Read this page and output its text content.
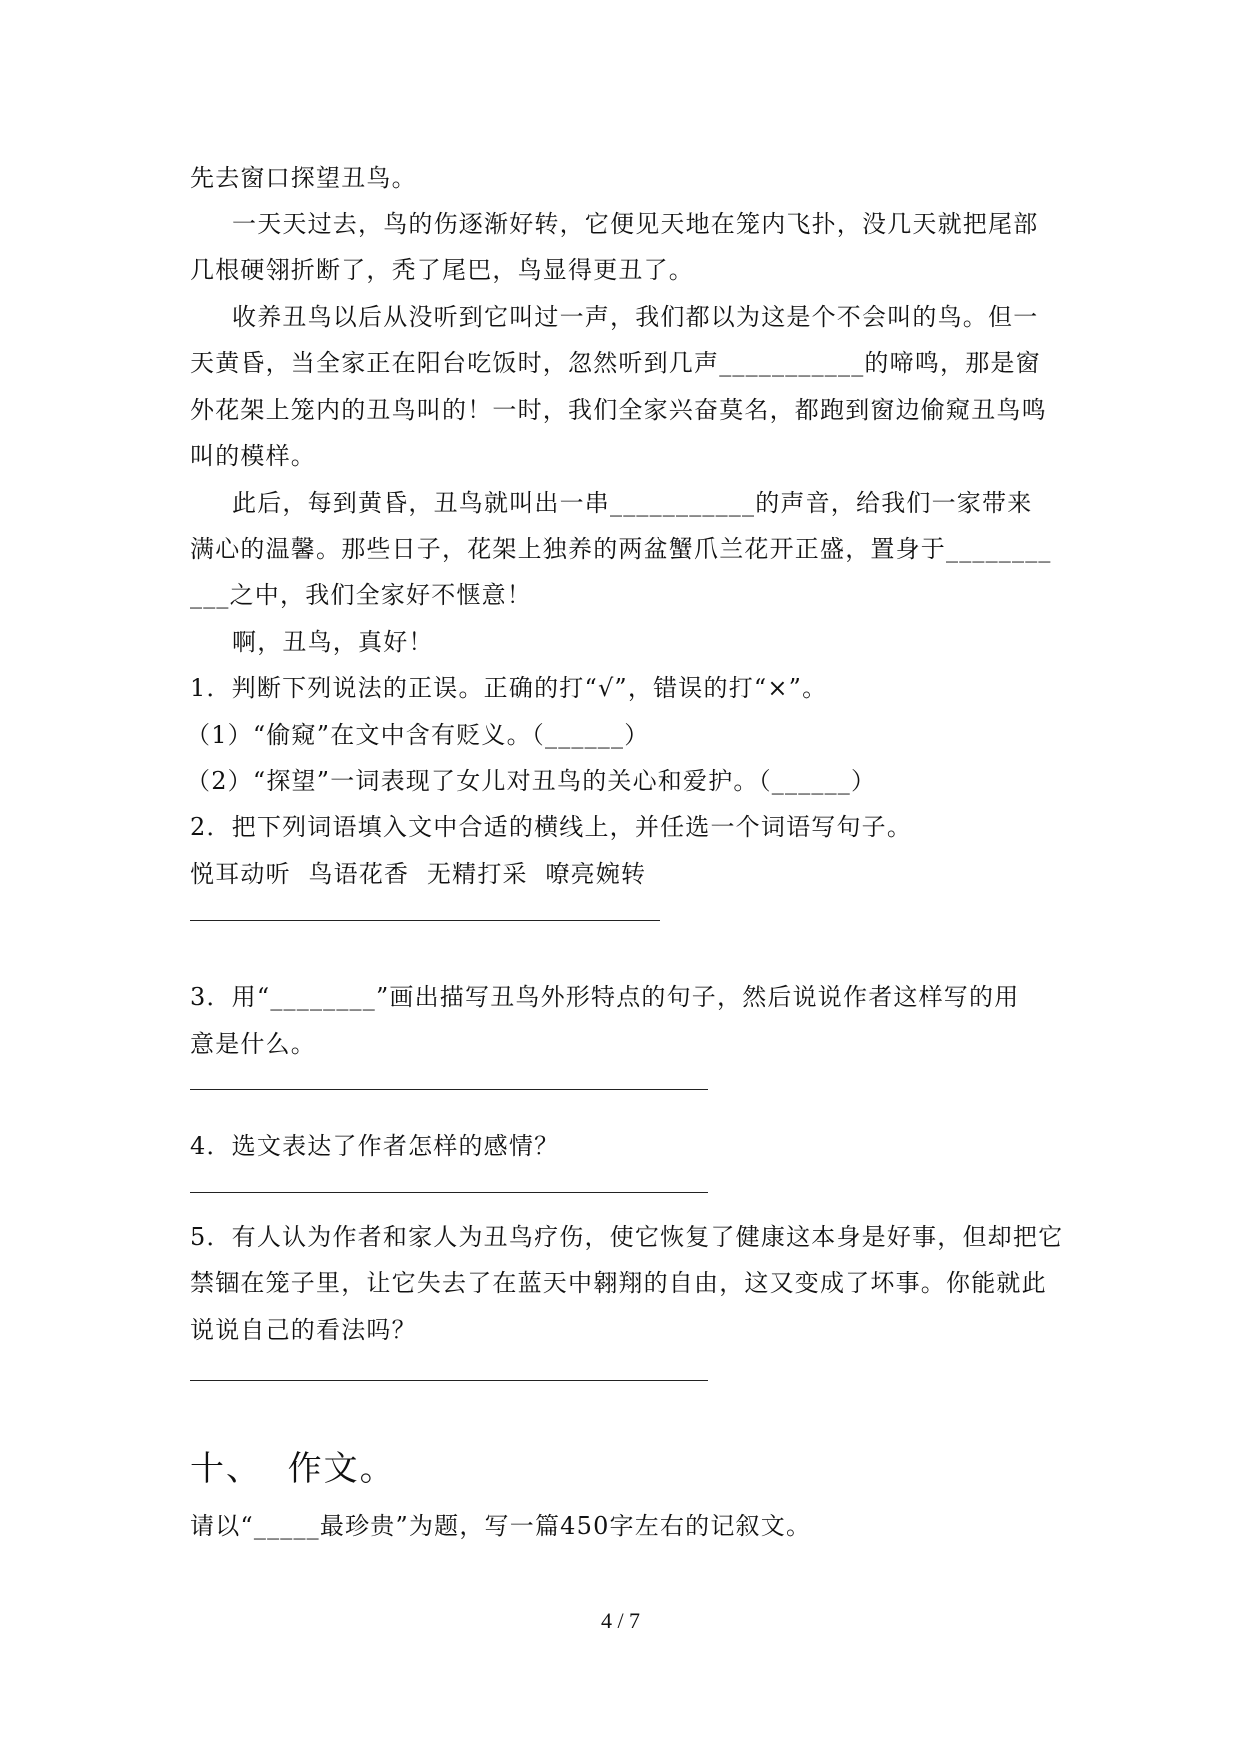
先去窗口探望丑鸟。
一天天过去，鸟的伤逐渐好转，它便见天地在笼内飞扑，没几天就把尾部
几根硬翎折断了，秃了尾巴，鸟显得更丑了。
收养丑鸟以后从没听到它叫过一声，我们都以为这是个不会叫的鸟。但一
天黄昏，当全家正在阳台吃饭时，忽然听到几声___________的啼鸣，那是窗
外花架上笼内的丑鸟叫的！一时，我们全家兴奋莫名，都跑到窗边偷窥丑鸟鸣
叫的模样。
此后，每到黄昏，丑鸟就叫出一串___________的声音，给我们一家带来
满心的温馨。那些日子，花架上独养的两盆蟹爪兰花开正盛，置身于________
___之中，我们全家好不惬意！
啊，丑鸟，真好！
1．判断下列说法的正误。正确的打“√”，错误的打“×”。
（1）“偷窥”在文中含有贬义。（______）
（2）“探望”一词表现了女儿对丑鸟的关心和爱护。（______）
2．把下列词语填入文中合适的横线上，并任选一个词语写句子。
悦耳动听  鸟语花香  无精打采  嘹亮婉转
3．用“________”画出描写丑鸟外形特点的句子，然后说说作者这样写的用
意是什么。
4．选文表达了作者怎样的感情？
5．有人认为作者和家人为丑鸟疗伤，使它恢复了健康这本身是好事，但却把它
禁锢在笼子里，让它失去了在蓝天中翱翔的自由，这又变成了坏事。你能就此
说说自己的看法吗？
十、  作文。
请以“_____最珍贵”为题，写一篇450字左右的记叙文。
4 / 7
